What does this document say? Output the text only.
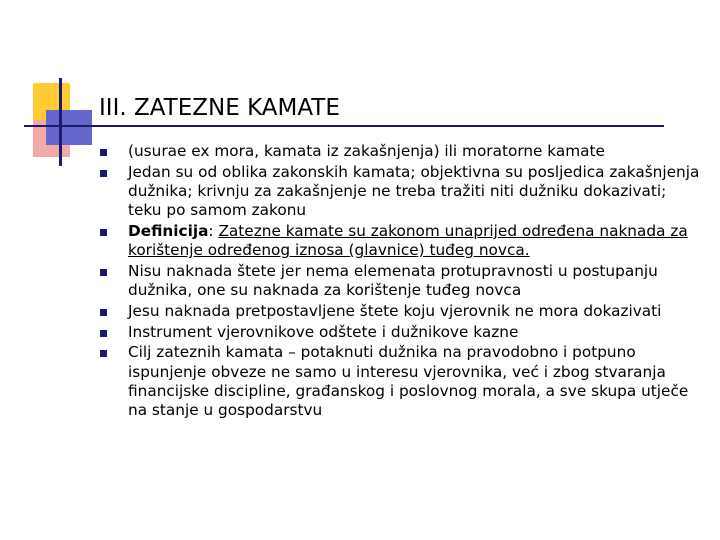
III. ZATEZNE KAMATE
(usurae ex mora, kamata iz zakašnjenja) ili moratorne kamate
Jedan su od oblika zakonskih kamata; objektivna su posljedica zakašnjenja dužnika; krivnju za zakašnjenje ne treba tražiti niti dužniku dokazivati; teku po samom zakonu
Definicija: Zatezne kamate su zakonom unaprijed određena naknada za korištenje određenog iznosa (glavnice) tuđeg novca.
Nisu naknada štete jer nema elemenata protupravnosti u postupanju dužnika, one su naknada za korištenje tuđeg novca
Jesu naknada pretpostavljene štete koju vjerovnik ne mora dokazivati
Instrument vjerovnikove odštete i dužnikove kazne
Cilj zateznih kamata – potaknuti dužnika na pravodobno i potpuno ispunjenje obveze ne samo u interesu vjerovnika, već i zbog stvaranja financijske discipline, građanskog i poslovnog morala, a sve skupa utječe na stanje u gospodarstvu
